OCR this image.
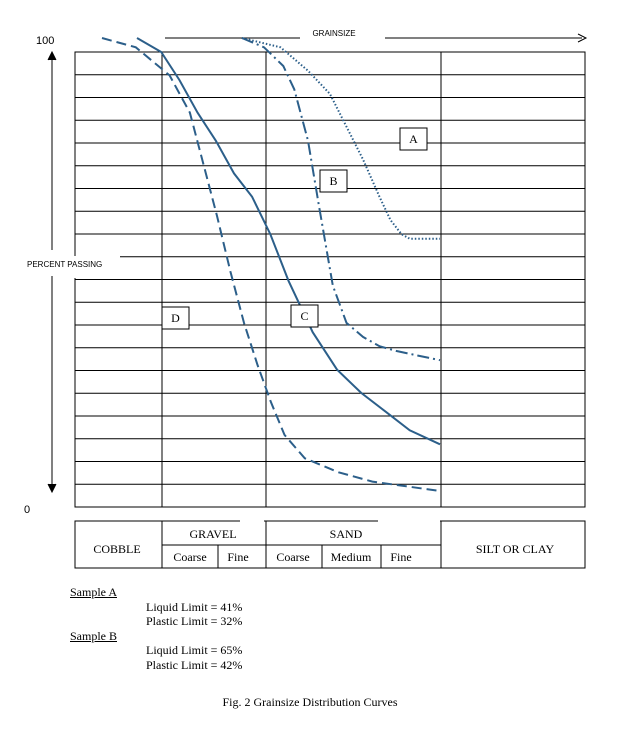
GRAINSIZE
PERCENT PASSING
100
0
A
B
C
D
COBBLE
GRAVEL	SAND
Coarse Fine Coarse Medium Fine
SILT OR CLAY
Sample A
Liquid Limit = 41%
Plastic Limit = 32%
Sample B
Liquid Limit = 65%
Plastic Limit = 42%
Fig. 2 Grainsize Distribution Curves
